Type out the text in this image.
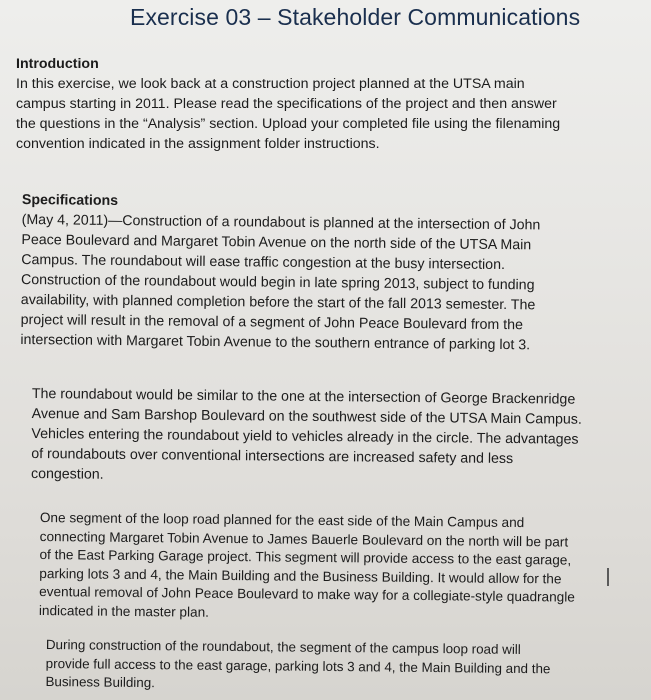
Exercise 03 – Stakeholder Communications
Introduction
In this exercise, we look back at a construction project planned at the UTSA main
campus starting in 2011. Please read the specifications of the project and then answer
the questions in the “Analysis” section. Upload your completed file using the filenaming
convention indicated in the assignment folder instructions.
Specifications
(May 4, 2011)—Construction of a roundabout is planned at the intersection of John
Peace Boulevard and Margaret Tobin Avenue on the north side of the UTSA Main
Campus. The roundabout will ease traffic congestion at the busy intersection.
Construction of the roundabout would begin in late spring 2013, subject to funding
availability, with planned completion before the start of the fall 2013 semester. The
project will result in the removal of a segment of John Peace Boulevard from the
intersection with Margaret Tobin Avenue to the southern entrance of parking lot 3.
The roundabout would be similar to the one at the intersection of George Brackenridge
Avenue and Sam Barshop Boulevard on the southwest side of the UTSA Main Campus.
Vehicles entering the roundabout yield to vehicles already in the circle. The advantages
of roundabouts over conventional intersections are increased safety and less
congestion.
One segment of the loop road planned for the east side of the Main Campus and
connecting Margaret Tobin Avenue to James Bauerle Boulevard on the north will be part
of the East Parking Garage project. This segment will provide access to the east garage,
parking lots 3 and 4, the Main Building and the Business Building. It would allow for the
eventual removal of John Peace Boulevard to make way for a collegiate-style quadrangle
indicated in the master plan.
During construction of the roundabout, the segment of the campus loop road will
provide full access to the east garage, parking lots 3 and 4, the Main Building and the
Business Building.
